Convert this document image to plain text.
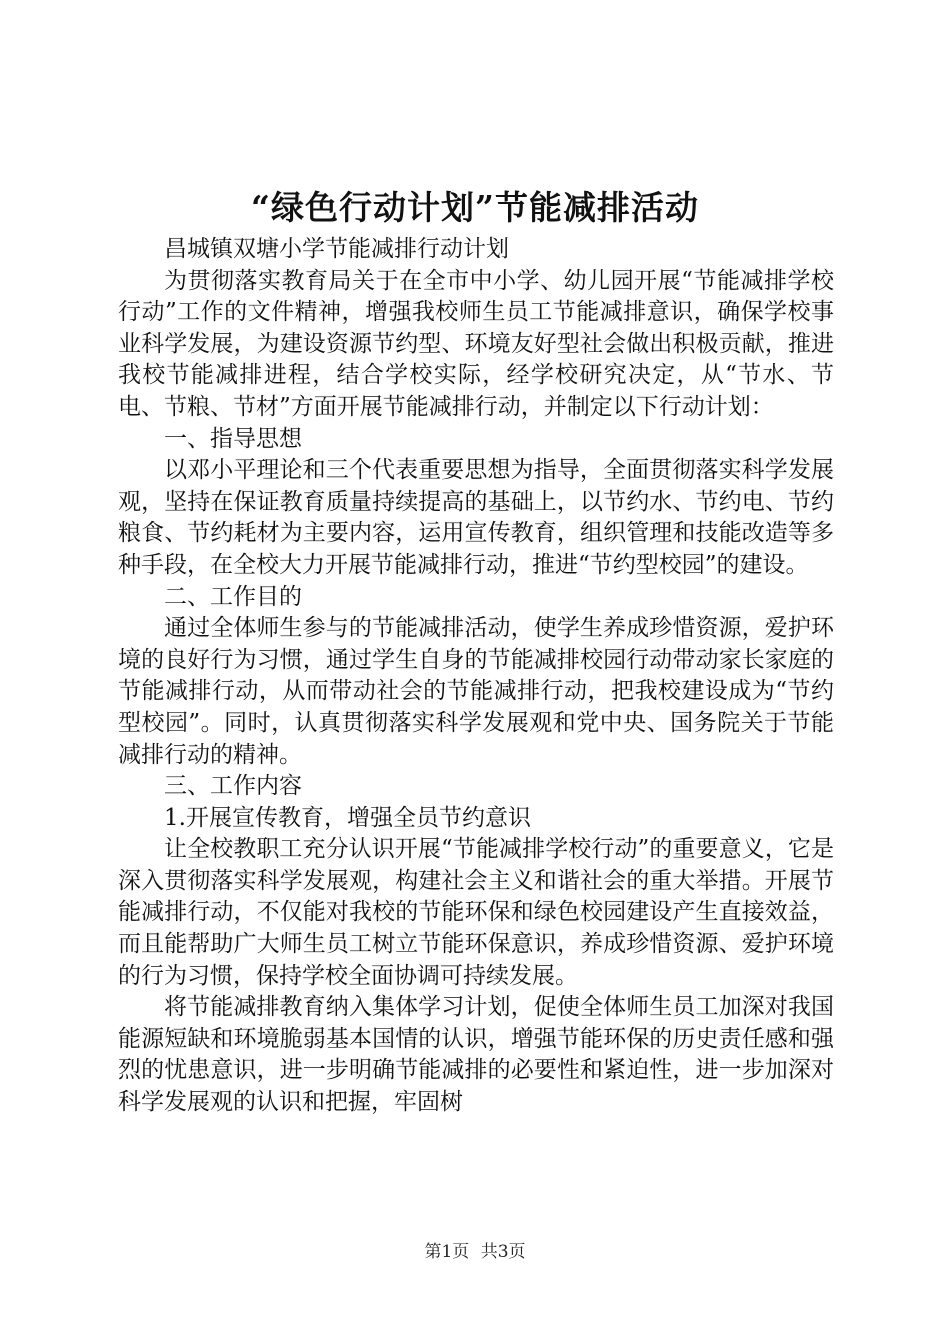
“绿色行动计划”节能减排活动

昌城镇双塘小学节能减排行动计划

为贯彻落实教育局关于在全市中小学、幼儿园开展“节能减排学校行动”工作的文件精神，增强我校师生员工节能减排意识，确保学校事业科学发展，为建设资源节约型、环境友好型社会做出积极贡献，推进我校节能减排进程，结合学校实际，经学校研究决定，从“节水、节电、节粮、节材”方面开展节能减排行动，并制定以下行动计划：

一、指导思想

以邓小平理论和三个代表重要思想为指导，全面贯彻落实科学发展观，坚持在保证教育质量持续提高的基础上，以节约水、节约电、节约粮食、节约耗材为主要内容，运用宣传教育，组织管理和技能改造等多种手段，在全校大力开展节能减排行动，推进“节约型校园”的建设。

二、工作目的

通过全体师生参与的节能减排活动，使学生养成珍惜资源，爱护环境的良好行为习惯，通过学生自身的节能减排校园行动带动家长家庭的节能减排行动，从而带动社会的节能减排行动，把我校建设成为“节约型校园”。同时，认真贯彻落实科学发展观和党中央、国务院关于节能减排行动的精神。

三、工作内容

1.开展宣传教育，增强全员节约意识

让全校教职工充分认识开展“节能减排学校行动”的重要意义，它是深入贯彻落实科学发展观，构建社会主义和谐社会的重大举措。开展节能减排行动，不仅能对我校的节能环保和绿色校园建设产生直接效益，而且能帮助广大师生员工树立节能环保意识，养成珍惜资源、爱护环境的行为习惯，保持学校全面协调可持续发展。

将节能减排教育纳入集体学习计划，促使全体师生员工加深对我国能源短缺和环境脆弱基本国情的认识，增强节能环保的历史责任感和强烈的忧患意识，进一步明确节能减排的必要性和紧迫性，进一步加深对科学发展观的认识和把握，牢固树

第1页 共3页
